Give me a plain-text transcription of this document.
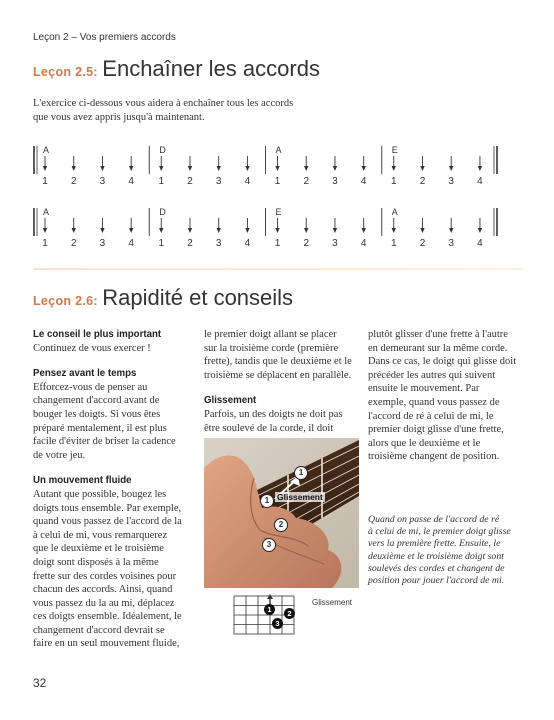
Leçon 2 – Vos premiers accords
Leçon 2.5: Enchaîner les accords

L'exercice ci-dessous vous aidera à enchaîner tous les accords

que vous avez appris jusqu'à maintenant.

A
1 2 3 4
D
1 2 3 4
A
1 2 3 4
E
1 2 3 4
A
1 2 3 4
D
1 2 3 4
E
1 2 3 4
A
1 2 3 4
Leçon 2.6: Rapidité et conseils

Le conseil le plus important

Continuez de vous exercer !

Pensez avant le temps

Efforcez-vous de penser au

changement d'accord avant de

bouger les doigts. Si vous êtes

préparé mentalement, il est plus

facile d'éviter de briser la cadence

de votre jeu.

Un mouvement fluide

Autant que possible, bougez les

doigts tous ensemble. Par exemple,

quand vous passez de l'accord de la

à celui de mi, vous remarquerez

que le deuxième et le troisième

doigt sont disposés à la même

frette sur des cordes voisines pour

chacun des accords. Ainsi, quand

vous passez du la au mi, déplacez

ces doigts ensemble. Idéalement, le

changement d'accord devrait se

faire en un seul mouvement fluide,

le premier doigt allant se placer

sur la troisième corde (première

frette), tandis que le deuxième et le

troisième se déplacent en parallèle.

Glissement

Parfois, un des doigts ne doit pas

être soulevé de la corde, il doit

plutôt glisser d'une frette à l'autre

en demeurant sur la même corde.

Dans ce cas, le doigt qui glisse doit

précéder les autres qui suivent

ensuite le mouvement. Par

exemple, quand vous passez de

l'accord de ré à celui de mi, le

premier doigt glisse d'une frette,

alors que le deuxième et le

troisième changent de position.

1
1 Glissement
2
3
1	2
3
Glissement
Quand on passe de l'accord de ré
à celui de mi, le premier doigt glisse
vers la première frette. Ensuite, le
deuxième et le troisième doigt sont
soulevés des cordes et changent de
position pour jouer l'accord de mi.
32
